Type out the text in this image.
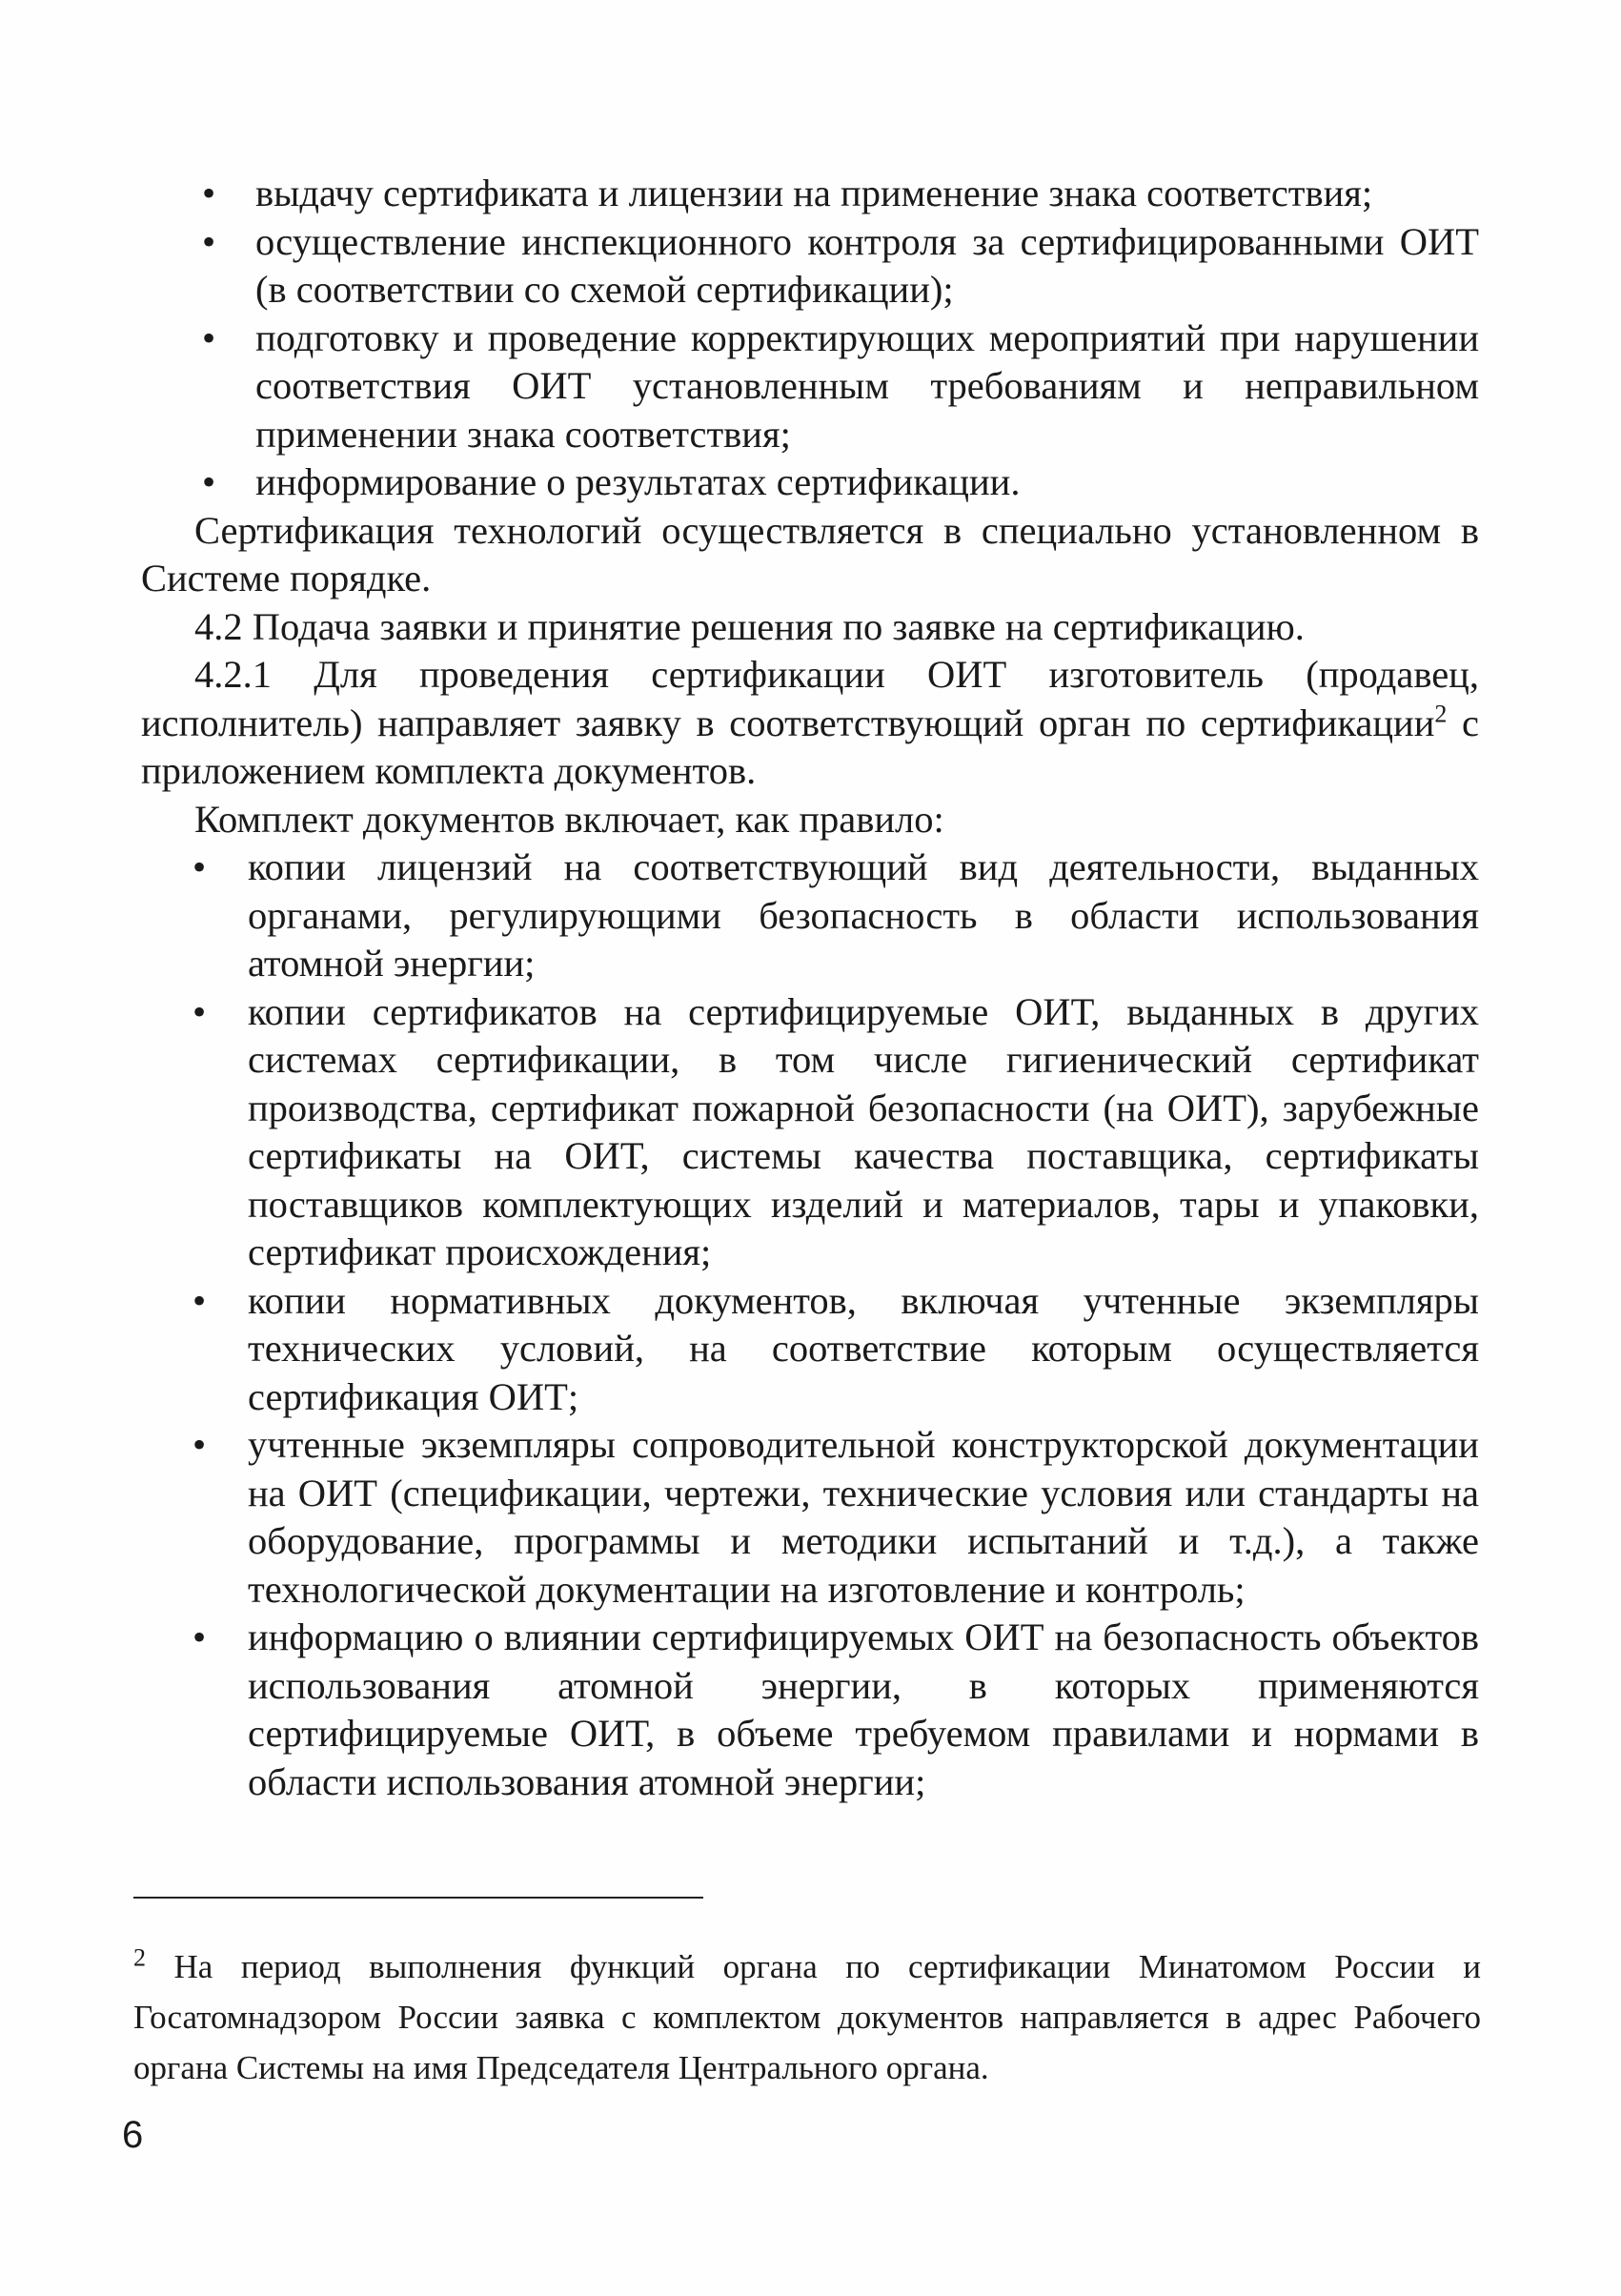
• выдачу сертификата и лицензии на применение знака соответствия;
• осуществление инспекционного контроля за сертифицированными ОИТ (в соответствии со схемой сертификации);
• подготовку и проведение корректирующих мероприятий при нарушении соответствия ОИТ установленным требованиям и неправильном применении знака соответствия;
• информирование о результатах сертификации.

Сертификация технологий осуществляется в специально установленном в Системе порядке.

4.2 Подача заявки и принятие решения по заявке на сертификацию.

4.2.1 Для проведения сертификации ОИТ изготовитель (продавец, исполнитель) направляет заявку в соответствующий орган по сертификации$^2$ с приложением комплекта документов.

Комплект документов включает, как правило:

• копии лицензий на соответствующий вид деятельности, выданных органами, регулирующими безопасность в области использования атомной энергии;
• копии сертификатов на сертифицируемые ОИТ, выданных в других системах сертификации, в том числе гигиенический сертификат производства, сертификат пожарной безопасности (на ОИТ), зарубежные сертификаты на ОИТ, системы качества поставщика, сертификаты поставщиков комплектующих изделий и материалов, тары и упаковки, сертификат происхождения;
• копии нормативных документов, включая учтенные экземпляры технических условий, на соответствие которым осуществляется сертификация ОИТ;
• учтенные экземпляры сопроводительной конструкторской документации на ОИТ (спецификации, чертежи, технические условия или стандарты на оборудование, программы и методики испытаний и т.д.), а также технологической документации на изготовление и контроль;
• информацию о влиянии сертифицируемых ОИТ на безопасность объектов использования атомной энергии, в которых применяются сертифицируемые ОИТ, в объеме требуемом правилами и нормами в области использования атомной энергии;

$^2$ На период выполнения функций органа по сертификации Минатомом России и Госатомнадзором России заявка с комплектом документов направляется в адрес Рабочего органа Системы на имя Председателя Центрального органа.

6
